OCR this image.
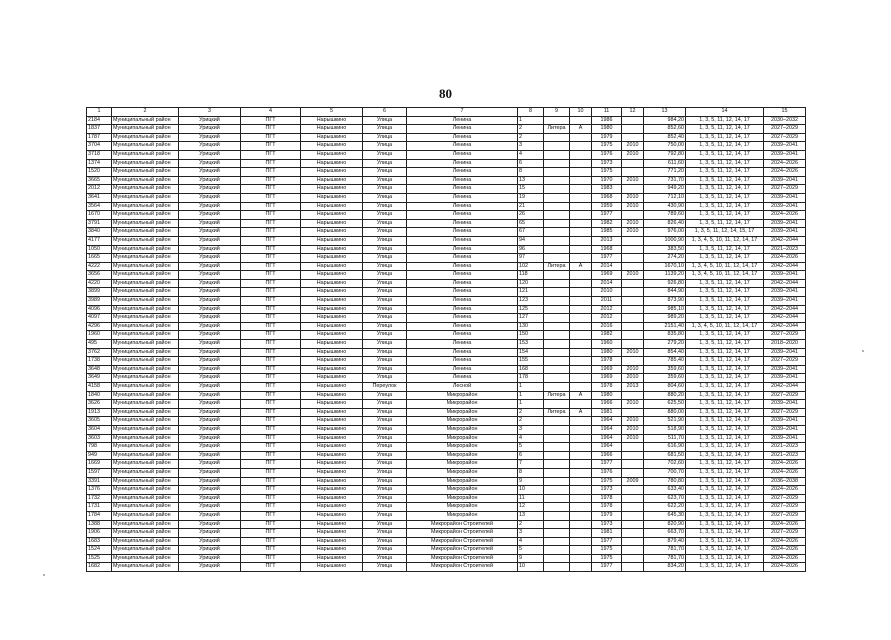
80
1	2	3	4	5	6	7	8	9	10	11	12	13	14	15
2184	Муниципальный район	Урицкий	ПГТ	Нарышкино	Улица	Ленина	1			1986		984,20	1, 3, 5, 11, 12, 14, 17	2030–2032
1837	Муниципальный район	Урицкий	ПГТ	Нарышкино	Улица	Ленина	2	Литера	А	1980		852,60	1, 3, 5, 11, 12, 14, 17	2027–2029
1787	Муниципальный район	Урицкий	ПГТ	Нарышкино	Улица	Ленина	2			1979		852,40	1, 3, 5, 11, 12, 14, 17	2027–2029
3704	Муниципальный район	Урицкий	ПГТ	Нарышкино	Улица	Ленина	3			1975	2010	750,00	1, 3, 5, 11, 12, 14, 17	2039–2041
3718	Муниципальный район	Урицкий	ПГТ	Нарышкино	Улица	Ленина	4			1976	2010	792,80	1, 3, 5, 11, 12, 14, 17	2039–2041
1374	Муниципальный район	Урицкий	ПГТ	Нарышкино	Улица	Ленина	6			1973		611,60	1, 3, 5, 11, 12, 14, 17	2024–2026
1520	Муниципальный район	Урицкий	ПГТ	Нарышкино	Улица	Ленина	8			1975		771,20	1, 3, 5, 11, 12, 14, 17	2024–2026
3665	Муниципальный район	Урицкий	ПГТ	Нарышкино	Улица	Ленина	13			1970	2010	731,70	1, 3, 5, 11, 12, 14, 17	2039–2041
2012	Муниципальный район	Урицкий	ПГТ	Нарышкино	Улица	Ленина	15			1983		949,20	1, 3, 5, 11, 12, 14, 17	2027–2029
3641	Муниципальный район	Урицкий	ПГТ	Нарышкино	Улица	Ленина	19			1968	2010	712,10	1, 3, 5, 11, 12, 14, 17	2039–2041
3564	Муниципальный район	Урицкий	ПГТ	Нарышкино	Улица	Ленина	21			1959	2010	430,90	1, 3, 5, 11, 12, 14, 17	2039–2041
1670	Муниципальный район	Урицкий	ПГТ	Нарышкино	Улица	Ленина	26			1977		789,60	1, 3, 5, 11, 12, 14, 17	2024–2026
3791	Муниципальный район	Урицкий	ПГТ	Нарышкино	Улица	Ленина	65			1982	2010	826,40	1, 3, 5, 11, 12, 14, 17	2039–2041
3840	Муниципальный район	Урицкий	ПГТ	Нарышкино	Улица	Ленина	67			1985	2010	976,00	1, 3, 5, 11, 12, 14, 15, 17	2039–2041
4177	Муниципальный район	Урицкий	ПГТ	Нарышкино	Улица	Ленина	94			2013		1000,90	1, 3, 4, 5, 10, 11, 12, 14, 17	2042–2044
1050	Муниципальный район	Урицкий	ПГТ	Нарышкино	Улица	Ленина	96			1968		383,50	1, 3, 5, 11, 12, 14, 17	2021–2023
1665	Муниципальный район	Урицкий	ПГТ	Нарышкино	Улица	Ленина	97			1977		274,20	1, 3, 5, 11, 12, 14, 17	2024–2026
4222	Муниципальный район	Урицкий	ПГТ	Нарышкино	Улица	Ленина	102	Литера	А	2014		1670,10	1, 3, 4, 5, 10, 11, 12, 14, 17	2042–2044
3656	Муниципальный район	Урицкий	ПГТ	Нарышкино	Улица	Ленина	118			1969	2010	1139,20	1, 3, 4, 5, 10, 11, 12, 14, 17	2039–2041
4220	Муниципальный район	Урицкий	ПГТ	Нарышкино	Улица	Ленина	120			2014		926,80	1, 3, 5, 11, 12, 14, 17	2042–2044
3899	Муниципальный район	Урицкий	ПГТ	Нарышкино	Улица	Ленина	121			2010		844,90	1, 3, 5, 11, 12, 14, 17	2039–2041
3989	Муниципальный район	Урицкий	ПГТ	Нарышкино	Улица	Ленина	123			2011		873,90	1, 3, 5, 11, 12, 14, 17	2039–2041
4096	Муниципальный район	Урицкий	ПГТ	Нарышкино	Улица	Ленина	125			2012		985,10	1, 3, 5, 11, 12, 14, 17	2042–2044
4097	Муниципальный район	Урицкий	ПГТ	Нарышкино	Улица	Ленина	127			2012		989,20	1, 3, 5, 11, 12, 14, 17	2042–2044
4296	Муниципальный район	Урицкий	ПГТ	Нарышкино	Улица	Ленина	130			2016		2151,40	1, 3, 4, 5, 10, 11, 12, 14, 17	2042–2044
1960	Муниципальный район	Урицкий	ПГТ	Нарышкино	Улица	Ленина	150			1982		835,80	1, 3, 5, 11, 12, 14, 17	2027–2029
495	Муниципальный район	Урицкий	ПГТ	Нарышкино	Улица	Ленина	153			1960		279,20	1, 3, 5, 11, 12, 14, 17	2018–2020
3762	Муниципальный район	Урицкий	ПГТ	Нарышкино	Улица	Ленина	154			1980	2010	854,40	1, 3, 5, 11, 12, 14, 17	2039–2041
1738	Муниципальный район	Урицкий	ПГТ	Нарышкино	Улица	Ленина	155			1978		785,40	1, 3, 5, 11, 12, 14, 17	2027–2029
3648	Муниципальный район	Урицкий	ПГТ	Нарышкино	Улица	Ленина	168			1969	2010	359,60	1, 3, 5, 11, 12, 14, 17	2039–2041
3649	Муниципальный район	Урицкий	ПГТ	Нарышкино	Улица	Ленина	178			1969	2010	359,60	1, 3, 5, 11, 12, 14, 17	2039–2041
4158	Муниципальный район	Урицкий	ПГТ	Нарышкино	Переулок	Лесной	1			1978	2013	804,60	1, 3, 5, 11, 12, 14, 17	2042–2044
1840	Муниципальный район	Урицкий	ПГТ	Нарышкино	Улица	Микрорайон	1	Литера	А	1980		880,20	1, 3, 5, 11, 12, 14, 17	2027–2029
3626	Муниципальный район	Урицкий	ПГТ	Нарышкино	Улица	Микрорайон	1			1966	2010	625,50	1, 3, 5, 11, 12, 14, 17	2039–2041
1913	Муниципальный район	Урицкий	ПГТ	Нарышкино	Улица	Микрорайон	2	Литера	А	1981		880,00	1, 3, 5, 11, 12, 14, 17	2027–2029
3605	Муниципальный район	Урицкий	ПГТ	Нарышкино	Улица	Микрорайон	2			1964	2010	521,90	1, 3, 5, 11, 12, 14, 17	2039–2041
3604	Муниципальный район	Урицкий	ПГТ	Нарышкино	Улица	Микрорайон	3			1964	2010	518,90	1, 3, 5, 11, 12, 14, 17	2039–2041
3603	Муниципальный район	Урицкий	ПГТ	Нарышкино	Улица	Микрорайон	4			1964	2010	511,70	1, 3, 5, 11, 12, 14, 17	2039–2041
798	Муниципальный район	Урицкий	ПГТ	Нарышкино	Улица	Микрорайон	5			1964		616,90	1, 3, 5, 11, 12, 14, 17	2021–2023
949	Муниципальный район	Урицкий	ПГТ	Нарышкино	Улица	Микрорайон	6			1966		681,50	1, 3, 5, 11, 12, 14, 17	2021–2023
1669	Муниципальный район	Урицкий	ПГТ	Нарышкино	Улица	Микрорайон	7			1977		702,60	1, 3, 5, 11, 12, 14, 17	2024–2026
1597	Муниципальный район	Урицкий	ПГТ	Нарышкино	Улица	Микрорайон	8			1976		700,70	1, 3, 5, 11, 12, 14, 17	2024–2026
3391	Муниципальный район	Урицкий	ПГТ	Нарышкино	Улица	Микрорайон	9			1975	2009	780,80	1, 3, 5, 11, 12, 14, 17	2036–2038
1376	Муниципальный район	Урицкий	ПГТ	Нарышкино	Улица	Микрорайон	10			1973		633,40	1, 3, 5, 11, 12, 14, 17	2024–2026
1732	Муниципальный район	Урицкий	ПГТ	Нарышкино	Улица	Микрорайон	11			1978		623,70	1, 3, 5, 11, 12, 14, 17	2027–2029
1731	Муниципальный район	Урицкий	ПГТ	Нарышкино	Улица	Микрорайон	12			1978		622,20	1, 3, 5, 11, 12, 14, 17	2027–2029
1784	Муниципальный район	Урицкий	ПГТ	Нарышкино	Улица	Микрорайон	13			1979		645,30	1, 3, 5, 11, 12, 14, 17	2027–2029
1388	Муниципальный район	Урицкий	ПГТ	Нарышкино	Улица	Микрорайон Строителей	2			1973		820,90	1, 3, 5, 11, 12, 14, 17	2024–2026
1906	Муниципальный район	Урицкий	ПГТ	Нарышкино	Улица	Микрорайон Строителей	3			1981		663,70	1, 3, 5, 11, 12, 14, 17	2027–2029
1683	Муниципальный район	Урицкий	ПГТ	Нарышкино	Улица	Микрорайон Строителей	4			1977		879,40	1, 3, 5, 11, 12, 14, 17	2024–2026
1524	Муниципальный район	Урицкий	ПГТ	Нарышкино	Улица	Микрорайон Строителей	5			1975		781,70	1, 3, 5, 11, 12, 14, 17	2024–2026
1525	Муниципальный район	Урицкий	ПГТ	Нарышкино	Улица	Микрорайон Строителей	9			1975		781,70	1, 3, 5, 11, 12, 14, 17	2024–2026
1682	Муниципальный район	Урицкий	ПГТ	Нарышкино	Улица	Микрорайон Строителей	10			1977		834,20	1, 3, 5, 11, 12, 14, 17	2024–2026
